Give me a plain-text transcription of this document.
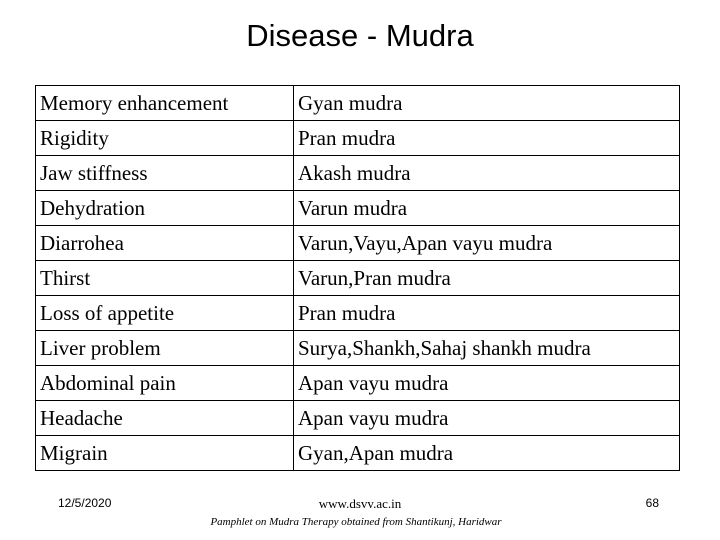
Disease - Mudra
Memory enhancement	Gyan mudra
Rigidity	Pran mudra
Jaw stiffness	Akash mudra
Dehydration	Varun mudra
Diarrohea	Varun,Vayu,Apan vayu mudra
Thirst	Varun,Pran mudra
Loss of appetite	Pran mudra
Liver problem	Surya,Shankh,Sahaj shankh mudra
Abdominal pain	Apan vayu mudra
Headache	Apan vayu mudra
Migrain	Gyan,Apan mudra
12/5/2020	www.dsvv.ac.in
Pamphlet on Mudra Therapy obtained from Shantikunj, Haridwar
68
